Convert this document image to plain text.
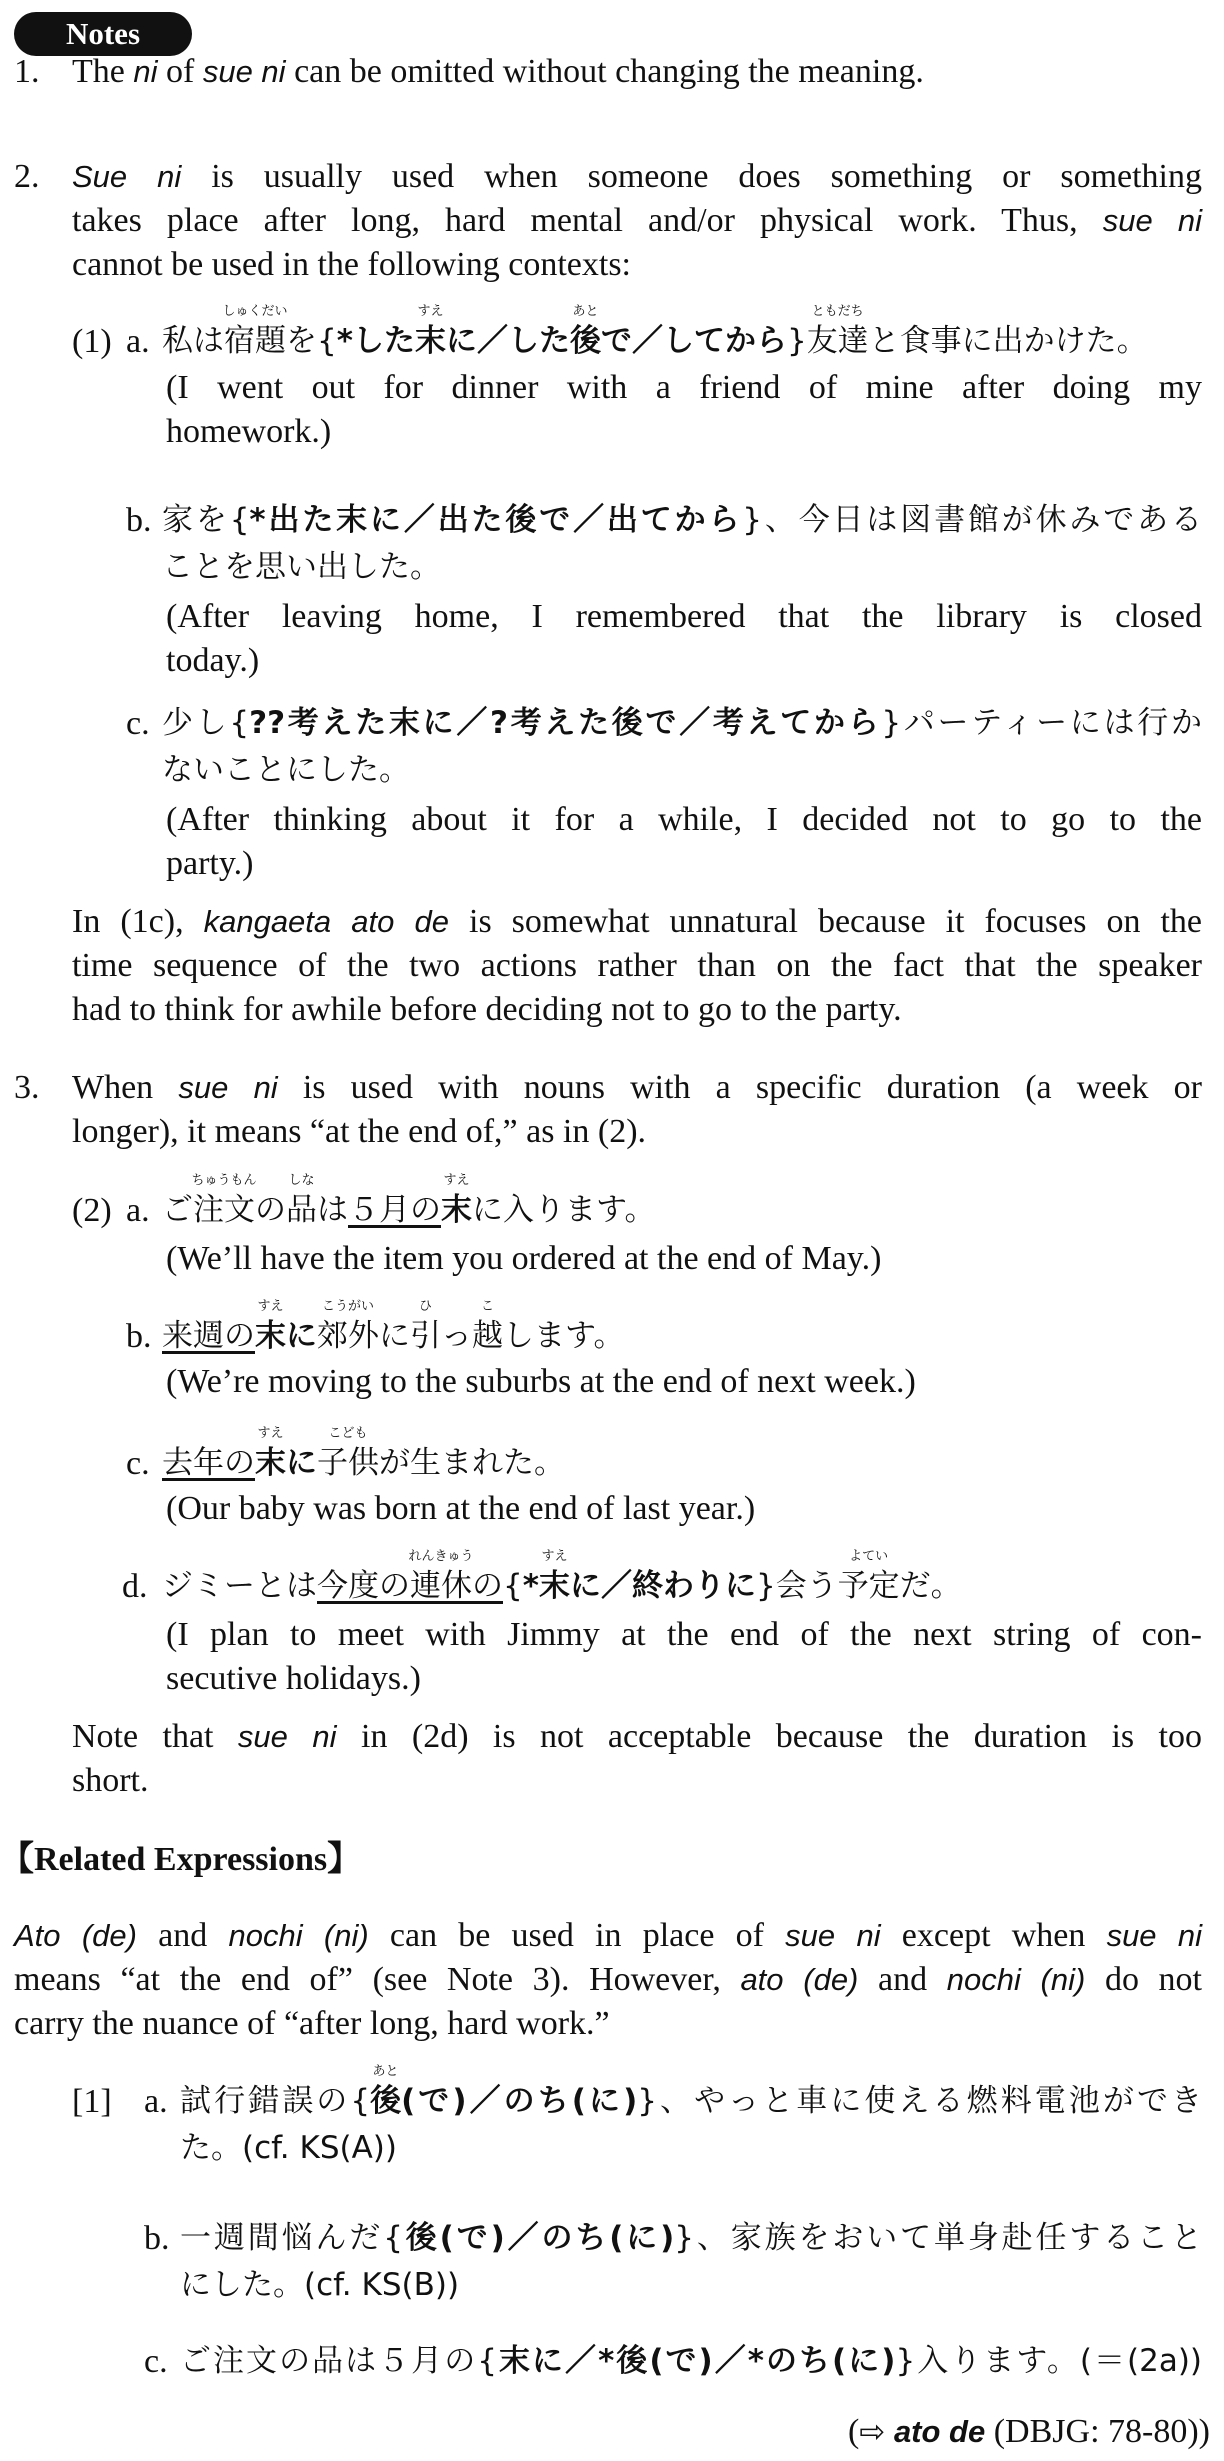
Notes
1. The ni of sue ni can be omitted without changing the meaning.
2. Sue ni is usually used when someone does something or something
takes place after long, hard mental and/or physical work. Thus, sue ni
cannot be used in the following contexts:
(1) a. 私は宿題
しゅくだい
を{*した末
すえ
に／した後
あと
で／してから}友達
ともだち
と食事に出かけた。
(I went out for dinner with a friend of mine after doing my
homework.)
b. 家を{*出た末に／出た後で／出てから}、今日は図書館が休みである
ことを思い出した。
(After leaving home, I remembered that the library is closed
today.)
c. 少し{??考えた末に／?考えた後で／考えてから}パーティーには行か
ないことにした。
(After thinking about it for a while, I decided not to go to the
party.)
In (1c), kangaeta ato de is somewhat unnatural because it focuses on the
time sequence of the two actions rather than on the fact that the speaker
had to think for awhile before deciding not to go to the party.
3. When sue ni is used with nouns with a specific duration (a week or
longer), it means “at the end of,” as in (2).
(2) a. ご注文
ちゅうもん
の品
しな
は５月の末
すえ
に入ります。
(We’ll have the item you ordered at the end of May.)
b. 来週の末
すえ
に郊外
こうがい
に引
ひ
っ越
こ
します。
(We’re moving to the suburbs at the end of next week.)
c. 去年の末
すえ
に子供
こども
が生まれた。
(Our baby was born at the end of last year.)
d. ジミーとは今度の連休
れんきゅう
の{*末
すえ
に／終わりに}会う予定
よてい
だ。
(I plan to meet with Jimmy at the end of the next string of con-
secutive holidays.)
Note that sue ni in (2d) is not acceptable because the duration is too
short.
【Related Expressions】
Ato (de) and nochi (ni) can be used in place of sue ni except when sue ni
means “at the end of” (see Note 3). However, ato (de) and nochi (ni) do not
carry the nuance of “after long, hard work.”
[1] a. 試行錯誤の{後
あと
(で)／のち(に)}、やっと車に使える燃料電池ができ
た。(cf. KS(A))
b. 一週間悩んだ{後(で)／のち(に)}、家族をおいて単身赴任すること
にした。(cf. KS(B))
c. ご注文の品は５月の{末に／*後(で)／*のち(に)}入ります。(＝(2a))
(⇨ ato de (DBJG: 78-80))
